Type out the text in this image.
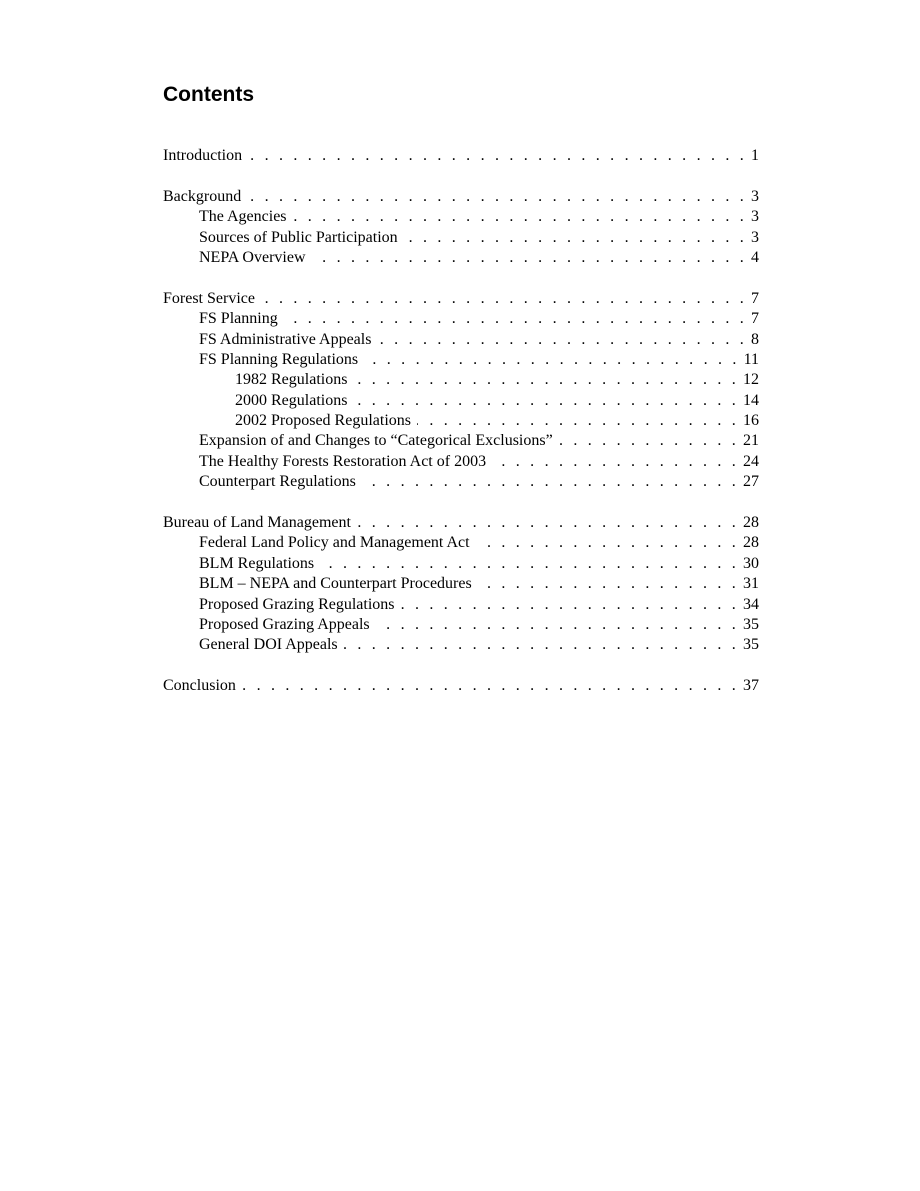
Contents
Introduction . . .	1
Background . . .	3
The Agencies . . .	3
Sources of Public Participation . . .	3
NEPA Overview . . .	4
Forest Service . . .	7
FS Planning . . .	7
FS Administrative Appeals . . .	8
FS Planning Regulations . . .	11
1982 Regulations . . .	12
2000 Regulations . . .	14
2002 Proposed Regulations . . .	16
Expansion of and Changes to “Categorical Exclusions” . . .	21
The Healthy Forests Restoration Act of 2003 . . .	24
Counterpart Regulations . . .	27
Bureau of Land Management . . .	28
Federal Land Policy and Management Act . . .	28
BLM Regulations . . .	30
BLM – NEPA and Counterpart Procedures . . .	31
Proposed Grazing Regulations . . .	34
Proposed Grazing Appeals . . .	35
General DOI Appeals . . .	35
Conclusion . . .	37
